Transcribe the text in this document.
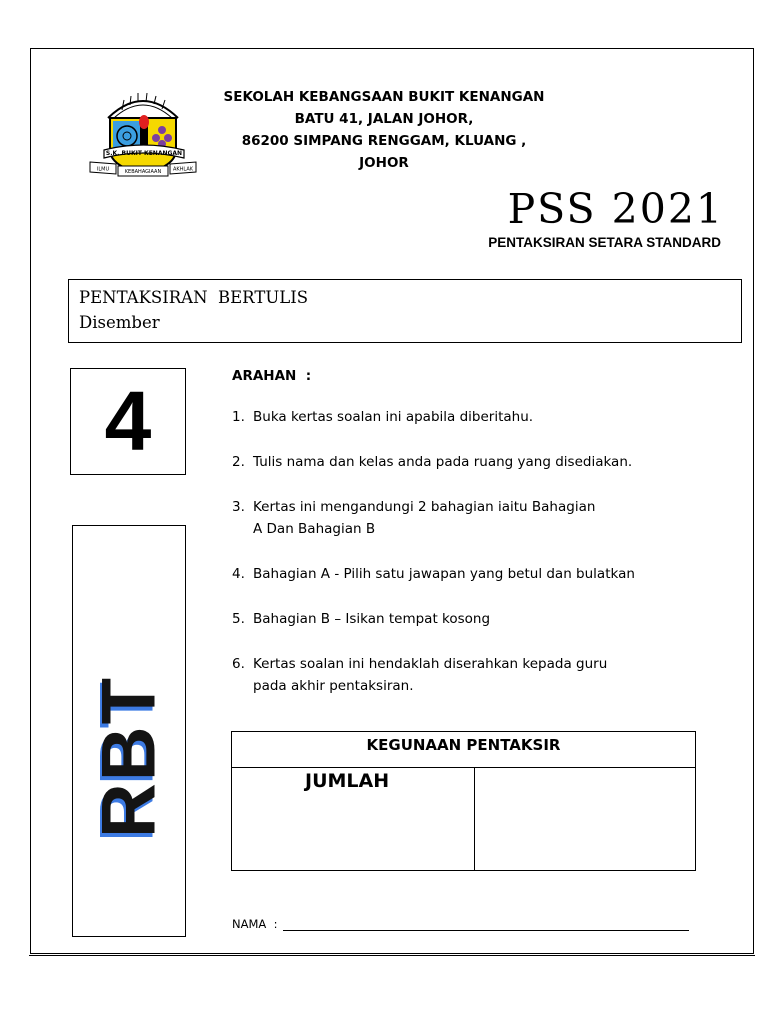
S.K. BUKIT KENANGAN
ILMU	KEBAHAGIAAN AKHLAK
SEKOLAH KEBANGSAAN BUKIT KENANGAN
BATU 41, JALAN JOHOR,
86200 SIMPANG RENGGAM, KLUANG ,
JOHOR
PSS 2021
PENTAKSIRAN SETARA STANDARD
PENTAKSIRAN  BERTULIS
Disember
4
RBT
ARAHAN  :
1. Buka kertas soalan ini apabila diberitahu.
2. Tulis nama dan kelas anda pada ruang yang disediakan.
3. Kertas ini mengandungi 2 bahagian iaitu Bahagian
A Dan Bahagian B
4. Bahagian A - Pilih satu jawapan yang betul dan bulatkan
5. Bahagian B – Isikan tempat kosong
6. Kertas soalan ini hendaklah diserahkan kepada guru
pada akhir pentaksiran.
KEGUNAAN PENTAKSIR
JUMLAH
NAMA  :
